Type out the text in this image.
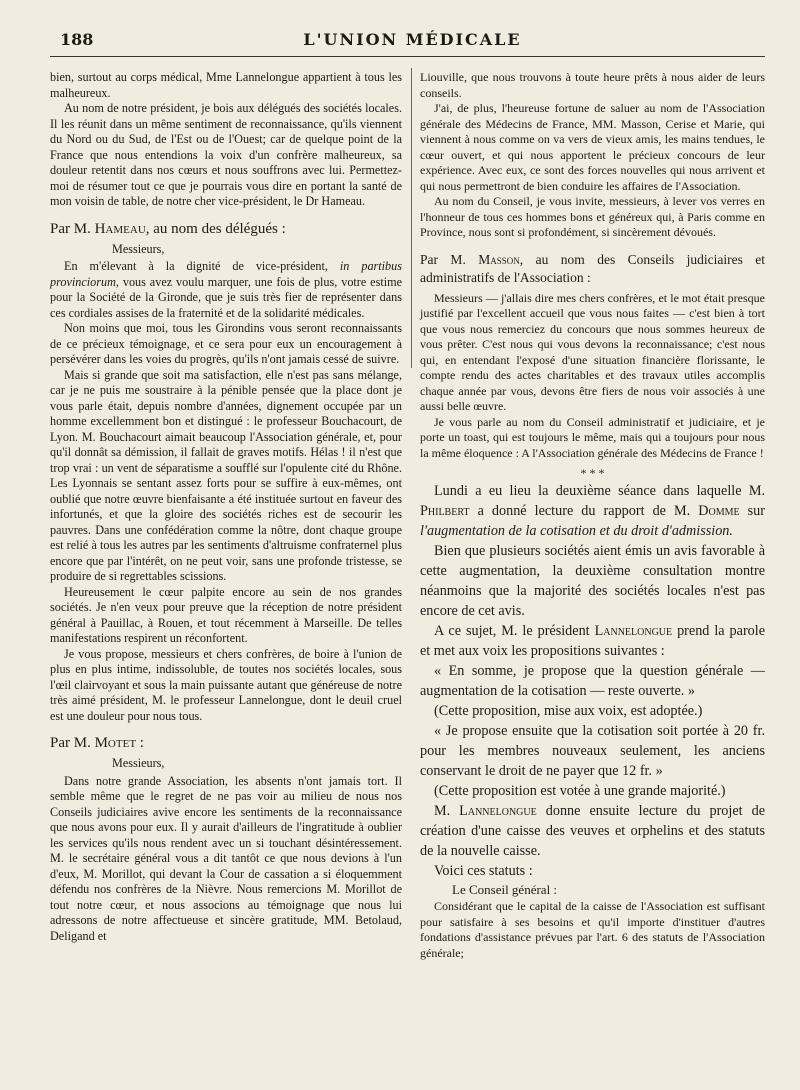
188	L'UNION MÉDICALE

bien, surtout au corps médical, Mme Lannelongue appartient à tous les malheureux.

Au nom de notre président, je bois aux délégués des sociétés locales. Il les réunit dans un même sentiment de reconnaissance, qu'ils viennent du Nord ou du Sud, de l'Est ou de l'Ouest; car de quelque point de la France que nous entendions la voix d'un confrère malheureux, sa douleur retentit dans nos cœurs et nous souffrons avec lui. Permettez-moi de résumer tout ce que je pourrais vous dire en portant la santé de mon voisin de table, de notre cher vice-président, le Dr Hameau.

Par M. Hameau, au nom des délégués :

Messieurs,

En m'élevant à la dignité de vice-président, in partibus provinciorum, vous avez voulu marquer, une fois de plus, votre estime pour la Société de la Gironde, que je suis très fier de représenter dans ces cordiales assises de la fraternité et de la solidarité médicales.

Non moins que moi, tous les Girondins vous seront reconnaissants de ce précieux témoignage, et ce sera pour eux un encouragement à persévérer dans les voies du progrès, qu'ils n'ont jamais cessé de suivre.

Mais si grande que soit ma satisfaction, elle n'est pas sans mélange, car je ne puis me soustraire à la pénible pensée que la place dont je vous parle était, depuis nombre d'années, dignement occupée par un homme excellemment bon et distingué : le professeur Bouchacourt, de Lyon. M. Bouchacourt aimait beaucoup l'Association générale, et, pour qu'il donnât sa démission, il fallait de graves motifs. Hélas ! il n'est que trop vrai : un vent de séparatisme a soufflé sur l'opulente cité du Rhône. Les Lyonnais se sentant assez forts pour se suffire à eux-mêmes, ont oublié que notre œuvre bienfaisante a été instituée surtout en faveur des infortunés, et que la gloire des sociétés riches est de secourir les pauvres. Dans une confédération comme la nôtre, dont chaque groupe est relié à tous les autres par les sentiments d'altruisme confraternel plus encore que par l'intérêt, on ne peut voir, sans une profonde tristesse, se produire de si regrettables scissions.

Heureusement le cœur palpite encore au sein de nos grandes sociétés. Je n'en veux pour preuve que la réception de notre président général à Pauillac, à Rouen, et tout récemment à Marseille. De telles manifestations respirent un réconfortent.

Je vous propose, messieurs et chers confrères, de boire à l'union de plus en plus intime, indissoluble, de toutes nos sociétés locales, sous l'œil clairvoyant et sous la main puissante autant que généreuse de notre très aimé président, M. le professeur Lannelongue, dont le deuil cruel est une douleur pour nous tous.

Par M. Motet :

Messieurs,

Dans notre grande Association, les absents n'ont jamais tort. Il semble même que le regret de ne pas voir au milieu de nous nos Conseils judiciaires avive encore les sentiments de la reconnaissance que nous avons pour eux. Il y aurait d'ailleurs de l'ingratitude à oublier les services qu'ils nous rendent avec un si touchant désintéressement. M. le secrétaire général vous a dit tantôt ce que nous devions à l'un d'eux, M. Morillot, qui devant la Cour de cassation a si éloquemment défendu nos confrères de la Nièvre. Nous remercions M. Morillot de tout notre cœur, et nous associons au témoignage que nous lui adressons de notre affectueuse et sincère gratitude, MM. Betolaud, Deligand et

Liouville, que nous trouvons à toute heure prêts à nous aider de leurs conseils.

J'ai, de plus, l'heureuse fortune de saluer au nom de l'Association générale des Médecins de France, MM. Masson, Cerise et Marie, qui viennent à nous comme on va vers de vieux amis, les mains tendues, le cœur ouvert, et qui nous apportent le précieux concours de leur expérience. Avec eux, ce sont des forces nouvelles qui nous arrivent et qui nous permettront de bien conduire les affaires de l'Association.

Au nom du Conseil, je vous invite, messieurs, à lever vos verres en l'honneur de tous ces hommes bons et généreux qui, à Paris comme en Province, nous sont si profondément, si sincèrement dévoués.

Par M. Masson, au nom des Conseils judiciaires et administratifs de l'Association :

Messieurs — j'allais dire mes chers confrères, et le mot était presque justifié par l'excellent accueil que vous nous faites — c'est bien à tort que vous nous remerciez du concours que nous sommes heureux de vous prêter. C'est nous qui vous devons la reconnaissance; c'est nous qui, en entendant l'exposé d'une situation financière florissante, le compte rendu des actes charitables et des travaux utiles accomplis chaque année par vous, devons être fiers de nous voir associés à une aussi belle œuvre.

Je vous parle au nom du Conseil administratif et judiciaire, et je porte un toast, qui est toujours le même, mais qui a toujours pour nous la même éloquence : A l'Association générale des Médecins de France !

* * *

Lundi a eu lieu la deuxième séance dans laquelle M. Philbert a donné lecture du rapport de M. Domme sur l'augmentation de la cotisation et du droit d'admission.

Bien que plusieurs sociétés aient émis un avis favorable à cette augmentation, la deuxième consultation montre néanmoins que la majorité des sociétés locales n'est pas encore de cet avis.

A ce sujet, M. le président Lannelongue prend la parole et met aux voix les propositions suivantes :

« En somme, je propose que la question générale — augmentation de la cotisation — reste ouverte. »

(Cette proposition, mise aux voix, est adoptée.)

« Je propose ensuite que la cotisation soit portée à 20 fr. pour les membres nouveaux seulement, les anciens conservant le droit de ne payer que 12 fr. »

(Cette proposition est votée à une grande majorité.)

M. Lannelongue donne ensuite lecture du projet de création d'une caisse des veuves et orphelins et des statuts de la nouvelle caisse.

Voici ces statuts :

Le Conseil général :

Considérant que le capital de la caisse de l'Association est suffisant pour satisfaire à ses besoins et qu'il importe d'instituer d'autres fondations d'assistance prévues par l'art. 6 des statuts de l'Association générale;
